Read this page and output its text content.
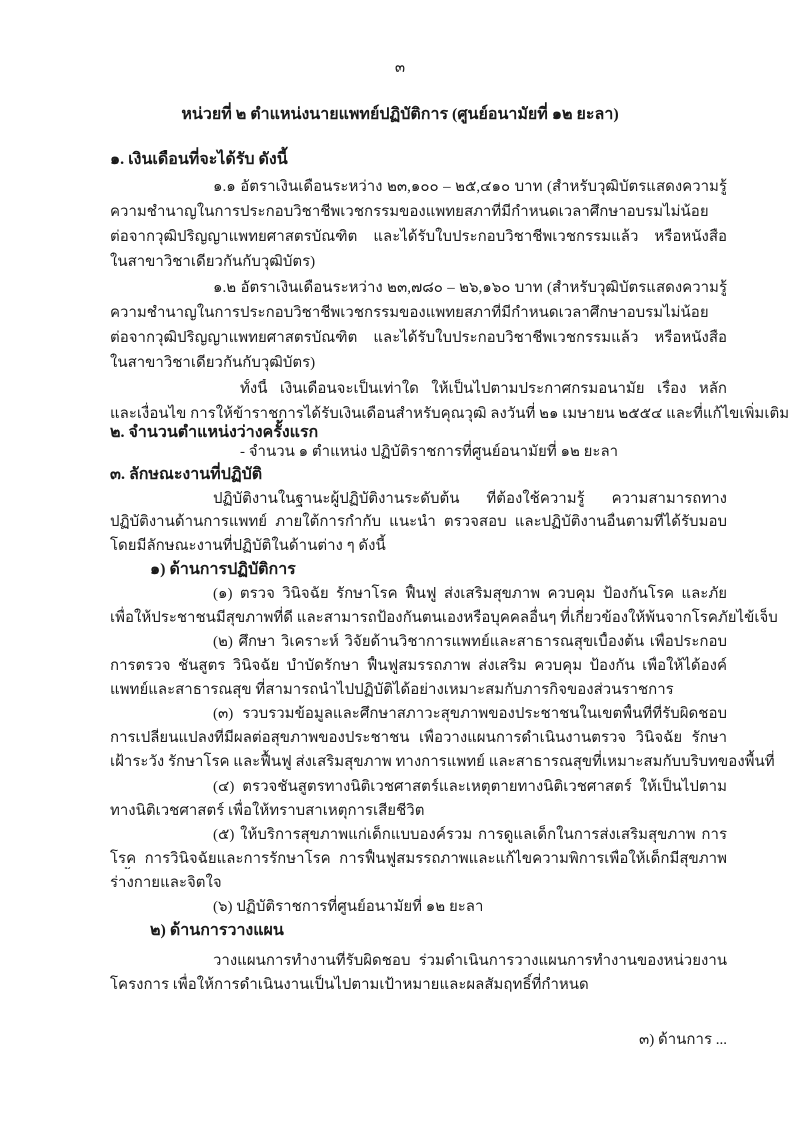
๓
หน่วยที่ ๒ ตำแหน่งนายแพทย์ปฏิบัติการ (ศูนย์อนามัยที่ ๑๒ ยะลา)
๑. เงินเดือนที่จะได้รับ ดังนี้
๑.๑ อัตราเงินเดือนระหว่าง ๒๓,๑๐๐ – ๒๕,๔๑๐ บาท (สำหรับวุฒิบัตรแสดงความรู้
ความชำนาญในการประกอบวิชาชีพเวชกรรมของแพทยสภาที่มีกำหนดเวลาศึกษาอบรมไม่น้อย
ต่อจากวุฒิปริญญาแพทยศาสตรบัณฑิต และได้รับใบประกอบวิชาชีพเวชกรรมแล้ว หรือหนังสือ
ในสาขาวิชาเดียวกันกับวุฒิบัตร)
๑.๒ อัตราเงินเดือนระหว่าง ๒๓,๗๘๐ – ๒๖,๑๖๐ บาท (สำหรับวุฒิบัตรแสดงความรู้
ความชำนาญในการประกอบวิชาชีพเวชกรรมของแพทยสภาที่มีกำหนดเวลาศึกษาอบรมไม่น้อย
ต่อจากวุฒิปริญญาแพทยศาสตรบัณฑิต และได้รับใบประกอบวิชาชีพเวชกรรมแล้ว หรือหนังสือ
ในสาขาวิชาเดียวกันกับวุฒิบัตร)
ทั้งนี้ เงินเดือนจะเป็นเท่าใด ให้เป็นไปตามประกาศกรมอนามัย เรื่อง หลัก
และเงื่อนไข การให้ข้าราชการได้รับเงินเดือนสำหรับคุณวุฒิ ลงวันที่ ๒๑ เมษายน ๒๕๕๔ และที่แก้ไขเพิ่มเติม
๒. จำนวนตำแหน่งว่างครั้งแรก
- จำนวน ๑ ตำแหน่ง ปฏิบัติราชการที่ศูนย์อนามัยที่ ๑๒ ยะลา
๓. ลักษณะงานที่ปฏิบัติ
ปฏิบัติงานในฐานะผู้ปฏิบัติงานระดับต้น ที่ต้องใช้ความรู้ ความสามารถทาง
ปฏิบัติงานด้านการแพทย์ ภายใต้การกำกับ แนะนำ ตรวจสอบ และปฏิบัติงานอื่นตามที่ได้รับมอบ
โดยมีลักษณะงานที่ปฏิบัติในด้านต่าง ๆ ดังนี้
๑) ด้านการปฏิบัติการ
(๑) ตรวจ วินิจฉัย รักษาโรค ฟื้นฟู ส่งเสริมสุขภาพ ควบคุม ป้องกันโรค และภัย
เพื่อให้ประชาชนมีสุขภาพที่ดี และสามารถป้องกันตนเองหรือบุคคลอื่นๆ ที่เกี่ยวข้องให้พ้นจากโรคภัยไข้เจ็บ
(๒) ศึกษา วิเคราะห์ วิจัยด้านวิชาการแพทย์และสาธารณสุขเบื้องต้น เพื่อประกอบ
การตรวจ ชันสูตร วินิจฉัย บำบัดรักษา ฟื้นฟูสมรรถภาพ ส่งเสริม ควบคุม ป้องกัน เพื่อให้ได้องค์
แพทย์และสาธารณสุข ที่สามารถนำไปปฏิบัติได้อย่างเหมาะสมกับภารกิจของส่วนราชการ
(๓) รวบรวมข้อมูลและศึกษาสภาวะสุขภาพของประชาชนในเขตพื้นที่ที่รับผิดชอบ
การเปลี่ยนแปลงที่มีผลต่อสุขภาพของประชาชน เพื่อวางแผนการดำเนินงานตรวจ วินิจฉัย รักษา
เฝ้าระวัง รักษาโรค และฟื้นฟู ส่งเสริมสุขภาพ ทางการแพทย์ และสาธารณสุขที่เหมาะสมกับบริบทของพื้นที่
(๔) ตรวจชันสูตรทางนิติเวชศาสตร์และเหตุตายทางนิติเวชศาสตร์ ให้เป็นไปตาม
ทางนิติเวชศาสตร์ เพื่อให้ทราบสาเหตุการเสียชีวิต
(๕) ให้บริการสุขภาพแก่เด็กแบบองค์รวม การดูแลเด็กในการส่งเสริมสุขภาพ การ
โรค การวินิจฉัยและการรักษาโรค การฟื้นฟูสมรรถภาพและแก้ไขความพิการเพื่อให้เด็กมีสุขภาพ
ร่างกายและจิตใจ
(๖) ปฏิบัติราชการที่ศูนย์อนามัยที่ ๑๒ ยะลา
๒) ด้านการวางแผน
วางแผนการทำงานที่รับผิดชอบ ร่วมดำเนินการวางแผนการทำงานของหน่วยงาน
โครงการ เพื่อให้การดำเนินงานเป็นไปตามเป้าหมายและผลสัมฤทธิ์ที่กำหนด
๓) ด้านการ ...
